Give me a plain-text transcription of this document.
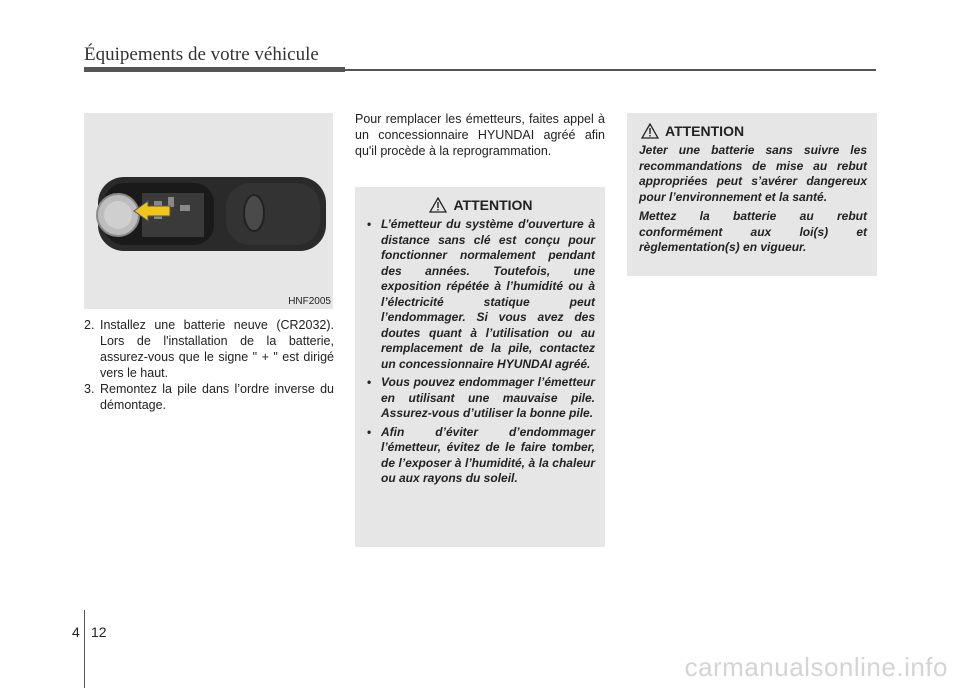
Équipements de votre véhicule
HNF2005
2. Installez une batterie neuve (CR2032). Lors de l'installation de la batterie, assurez-vous que le signe " + " est dirigé vers le haut.
3. Remontez la pile dans l’ordre inverse du démontage.
Pour remplacer les émetteurs, faites appel à un concessionnaire HYUNDAI agréé afin qu'il procède à la reprogrammation.
ATTENTION
• L’émetteur du système d'ouverture à distance sans clé est conçu pour fonctionner normalement pendant des années. Toutefois, une exposition répétée à l’humidité ou à l’électricité statique peut l’endommager. Si vous avez des doutes quant à l’utilisation ou au remplacement de la pile, contactez un concessionnaire HYUNDAI agréé.
• Vous pouvez endommager l’émetteur en utilisant une mauvaise pile. Assurez-vous d’utiliser la bonne pile.
• Afin d’éviter d’endommager l’émetteur, évitez de le faire tomber, de l’exposer à l’humidité, à la chaleur ou aux rayons du soleil.
ATTENTION

Jeter une batterie sans suivre les recommandations de mise au rebut appropriées peut s’avérer dangereux pour l’environnement et la santé.

Mettez la batterie au rebut conformément aux loi(s) et règlementation(s) en vigueur.

4 12
carmanualsonline.info
